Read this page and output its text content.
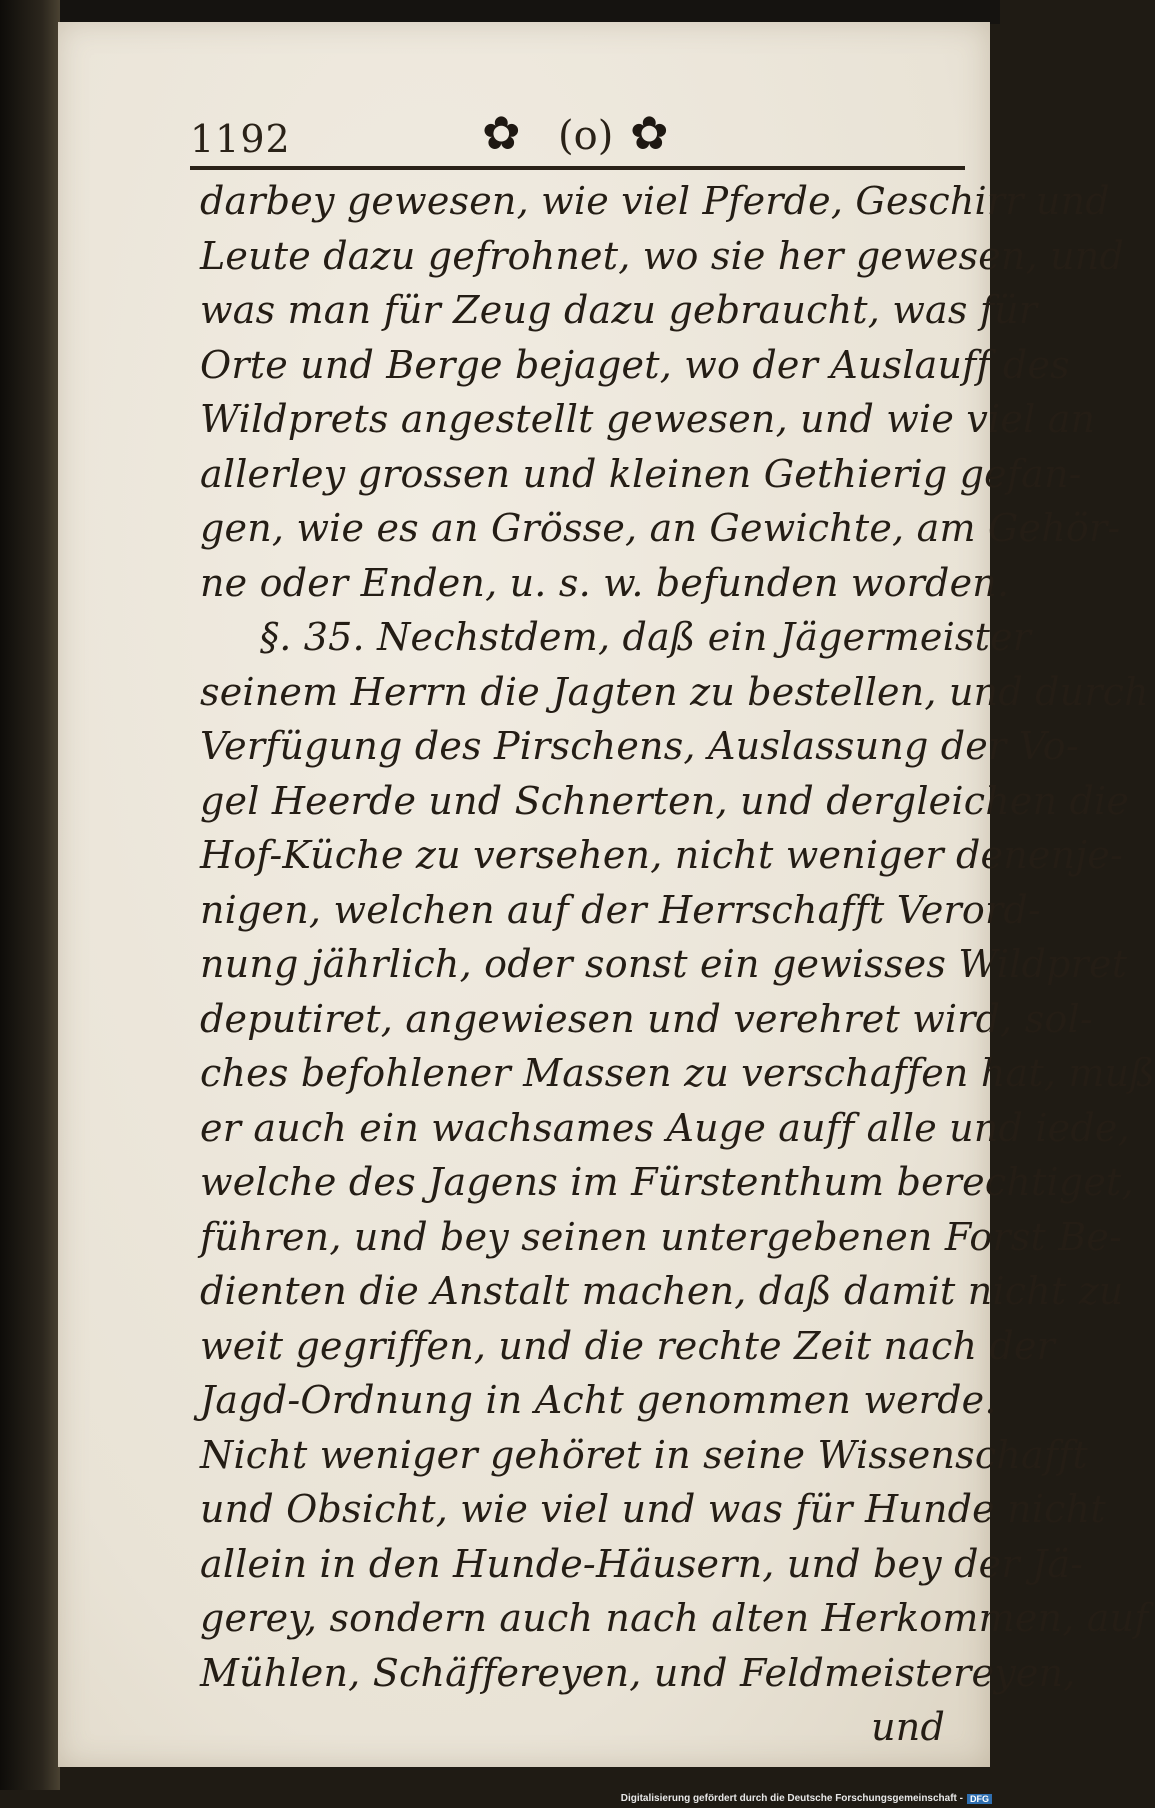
1192	✿ (o) ✿
darbey gewesen, wie viel Pferde, Geschirr und
Leute dazu gefrohnet, wo sie her gewesen, und
was man für Zeug dazu gebraucht, was für
Orte und Berge bejaget, wo der Auslauff des
Wildprets angestellt gewesen, und wie viel an
allerley grossen und kleinen Gethierig gefan-
gen, wie es an Grösse, an Gewichte, am Gehör-
ne oder Enden, u. s. w. befunden worden.
§. 35. Nechstdem, daß ein Jägermeister
seinem Herrn die Jagten zu bestellen, und durch
Verfügung des Pirschens, Auslassung der Vo-
gel Heerde und Schnerten, und dergleichen die
Hof-Küche zu versehen, nicht weniger denenje-
nigen, welchen auf der Herrschafft Verord-
nung jährlich, oder sonst ein gewisses Wildpret
deputiret, angewiesen und verehret wird, sol-
ches befohlener Massen zu verschaffen hat, muß
er auch ein wachsames Auge auff alle und iede,
welche des Jagens im Fürstenthum berechtiget,
führen, und bey seinen untergebenen Forst Be-
dienten die Anstalt machen, daß damit nicht zu
weit gegriffen, und die rechte Zeit nach der
Jagd-Ordnung in Acht genommen werde.
Nicht weniger gehöret in seine Wissenschafft
und Obsicht, wie viel und was für Hunde nicht
allein in den Hunde-Häusern, und bey der Jä-
gerey, sondern auch nach alten Herkommen, auf
Mühlen, Schäffereyen, und Feldmeistereyen,
und
Digitalisierung gefördert durch die Deutsche Forschungsgemeinschaft - DFG
